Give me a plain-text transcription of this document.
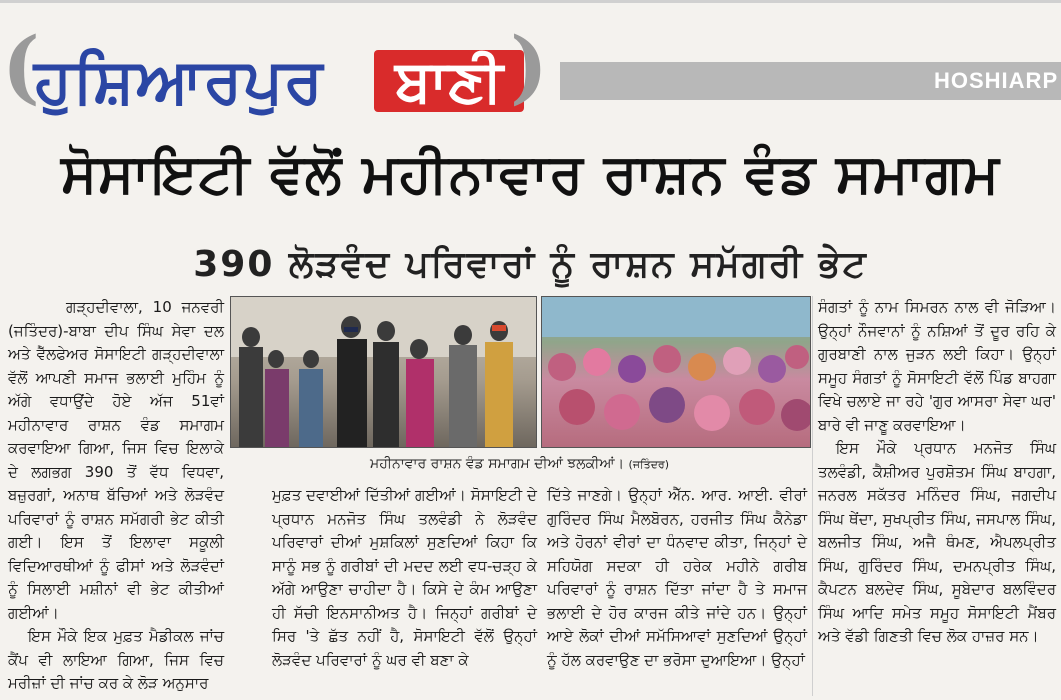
(
ਹੁਸ਼ਿਆਰਪੁਰ	ਬਾਣੀ )	HOSHIARP
ਸੋਸਾਇਟੀ ਵੱਲੋਂ ਮਹੀਨਾਵਾਰ ਰਾਸ਼ਨ ਵੰਡ ਸਮਾਗਮ
390 ਲੋੜਵੰਦ ਪਰਿਵਾਰਾਂ ਨੂੰ ਰਾਸ਼ਨ ਸਮੱਗਰੀ ਭੇਟ

ਗੜ੍ਹਦੀਵਾਲਾ, 10 ਜਨਵਰੀ (ਜਤਿੰਦਰ)-ਬਾਬਾ ਦੀਪ ਸਿੰਘ ਸੇਵਾ ਦਲ ਅਤੇ ਵੈੱਲਫੇਅਰ ਸੋਸਾਇਟੀ ਗੜ੍ਹਦੀਵਾਲਾ ਵੱਲੋਂ ਆਪਣੀ ਸਮਾਜ ਭਲਾਈ ਮੁਹਿੰਮ ਨੂੰ ਅੱਗੇ ਵਧਾਉਂਦੇ ਹੋਏ ਅੱਜ 51ਵਾਂ ਮਹੀਨਾਵਾਰ ਰਾਸ਼ਨ ਵੰਡ ਸਮਾਗਮ ਕਰਵਾਇਆ ਗਿਆ, ਜਿਸ ਵਿਚ ਇਲਾਕੇ ਦੇ ਲਗਭਗ 390 ਤੋਂ ਵੱਧ ਵਿਧਵਾ, ਬਜ਼ੁਰਗਾਂ, ਅਨਾਥ ਬੱਚਿਆਂ ਅਤੇ ਲੋੜਵੰਦ ਪਰਿਵਾਰਾਂ ਨੂੰ ਰਾਸ਼ਨ ਸਮੱਗਰੀ ਭੇਟ ਕੀਤੀ ਗਈ। ਇਸ ਤੋਂ ਇਲਾਵਾ ਸਕੂਲੀ ਵਿਦਿਆਰਥੀਆਂ ਨੂੰ ਫੀਸਾਂ ਅਤੇ ਲੋੜਵੰਦਾਂ ਨੂੰ ਸਿਲਾਈ ਮਸ਼ੀਨਾਂ ਵੀ ਭੇਟ ਕੀਤੀਆਂ ਗਈਆਂ।

ਇਸ ਮੌਕੇ ਇਕ ਮੁਫ਼ਤ ਮੈਡੀਕਲ ਜਾਂਚ ਕੈਂਪ ਵੀ ਲਾਇਆ ਗਿਆ, ਜਿਸ ਵਿਚ ਮਰੀਜ਼ਾਂ ਦੀ ਜਾਂਚ ਕਰ ਕੇ ਲੋੜ ਅਨੁਸਾਰ

ਮਹੀਨਾਵਾਰ ਰਾਸ਼ਨ ਵੰਡ ਸਮਾਗਮ ਦੀਆਂ ਝਲਕੀਆਂ। (ਜਤਿੰਦਰ)

ਮੁਫ਼ਤ ਦਵਾਈਆਂ ਦਿੱਤੀਆਂ ਗਈਆਂ। ਸੋਸਾਇਟੀ ਦੇ ਪ੍ਰਧਾਨ ਮਨਜੋਤ ਸਿੰਘ ਤਲਵੰਡੀ ਨੇ ਲੋੜਵੰਦ ਪਰਿਵਾਰਾਂ ਦੀਆਂ ਮੁਸ਼ਕਿਲਾਂ ਸੁਣਦਿਆਂ ਕਿਹਾ ਕਿ ਸਾਨੂੰ ਸਭ ਨੂੰ ਗਰੀਬਾਂ ਦੀ ਮਦਦ ਲਈ ਵਧ-ਚੜ੍ਹ ਕੇ ਅੱਗੇ ਆਉਣਾ ਚਾਹੀਦਾ ਹੈ। ਕਿਸੇ ਦੇ ਕੰਮ ਆਉਣਾ ਹੀ ਸੱਚੀ ਇਨਸਾਨੀਅਤ ਹੈ। ਜਿਨ੍ਹਾਂ ਗਰੀਬਾਂ ਦੇ ਸਿਰ 'ਤੇ ਛੱਤ ਨਹੀਂ ਹੈ, ਸੋਸਾਇਟੀ ਵੱਲੋਂ ਉਨ੍ਹਾਂ ਲੋੜਵੰਦ ਪਰਿਵਾਰਾਂ ਨੂੰ ਘਰ ਵੀ ਬਣਾ ਕੇ

ਦਿੱਤੇ ਜਾਣਗੇ। ਉਨ੍ਹਾਂ ਐੱਨ. ਆਰ. ਆਈ. ਵੀਰਾਂ ਗੁਰਿੰਦਰ ਸਿੰਘ ਮੈਲਬੋਰਨ, ਹਰਜੀਤ ਸਿੰਘ ਕੈਨੇਡਾ ਅਤੇ ਹੋਰਨਾਂ ਵੀਰਾਂ ਦਾ ਧੰਨਵਾਦ ਕੀਤਾ, ਜਿਨ੍ਹਾਂ ਦੇ ਸਹਿਯੋਗ ਸਦਕਾ ਹੀ ਹਰੇਕ ਮਹੀਨੇ ਗਰੀਬ ਪਰਿਵਾਰਾਂ ਨੂੰ ਰਾਸ਼ਨ ਦਿੱਤਾ ਜਾਂਦਾ ਹੈ ਤੇ ਸਮਾਜ ਭਲਾਈ ਦੇ ਹੋਰ ਕਾਰਜ ਕੀਤੇ ਜਾਂਦੇ ਹਨ। ਉਨ੍ਹਾਂ ਆਏ ਲੋਕਾਂ ਦੀਆਂ ਸਮੱਸਿਆਵਾਂ ਸੁਣਦਿਆਂ ਉਨ੍ਹਾਂ ਨੂੰ ਹੱਲ ਕਰਵਾਉਣ ਦਾ ਭਰੋਸਾ ਦੁਆਇਆ। ਉਨ੍ਹਾਂ

ਸੰਗਤਾਂ ਨੂੰ ਨਾਮ ਸਿਮਰਨ ਨਾਲ ਵੀ ਜੋੜਿਆ। ਉਨ੍ਹਾਂ ਨੌਜਵਾਨਾਂ ਨੂੰ ਨਸ਼ਿਆਂ ਤੋਂ ਦੂਰ ਰਹਿ ਕੇ ਗੁਰਬਾਣੀ ਨਾਲ ਜੁੜਨ ਲਈ ਕਿਹਾ। ਉਨ੍ਹਾਂ ਸਮੂਹ ਸੰਗਤਾਂ ਨੂੰ ਸੋਸਾਇਟੀ ਵੱਲੋਂ ਪਿੰਡ ਬਾਹਗਾ ਵਿਖੇ ਚਲਾਏ ਜਾ ਰਹੇ 'ਗੁਰ ਆਸਰਾ ਸੇਵਾ ਘਰ' ਬਾਰੇ ਵੀ ਜਾਣੂ ਕਰਵਾਇਆ।

ਇਸ ਮੌਕੇ ਪ੍ਰਧਾਨ ਮਨਜੋਤ ਸਿੰਘ ਤਲਵੰਡੀ, ਕੈਸ਼ੀਅਰ ਪੁਰਸ਼ੋਤਮ ਸਿੰਘ ਬਾਹਗਾ, ਜਨਰਲ ਸਕੱਤਰ ਮਨਿੰਦਰ ਸਿੰਘ, ਜਗਦੀਪ ਸਿੰਘ ਥੇਂਦਾ, ਸੁਖਪ੍ਰੀਤ ਸਿੰਘ, ਜਸਪਾਲ ਸਿੰਘ, ਬਲਜੀਤ ਸਿੰਘ, ਅਜੈ ਥੰਮਣ, ਐਪਲਪ੍ਰੀਤ ਸਿੰਘ, ਗੁਰਿੰਦਰ ਸਿੰਘ, ਦਮਨਪ੍ਰੀਤ ਸਿੰਘ, ਕੈਪਟਨ ਬਲਦੇਵ ਸਿੰਘ, ਸੂਬੇਦਾਰ ਬਲਵਿੰਦਰ ਸਿੰਘ ਆਦਿ ਸਮੇਤ ਸਮੂਹ ਸੋਸਾਇਟੀ ਮੈਂਬਰ ਅਤੇ ਵੱਡੀ ਗਿਣਤੀ ਵਿਚ ਲੋਕ ਹਾਜ਼ਰ ਸਨ।
